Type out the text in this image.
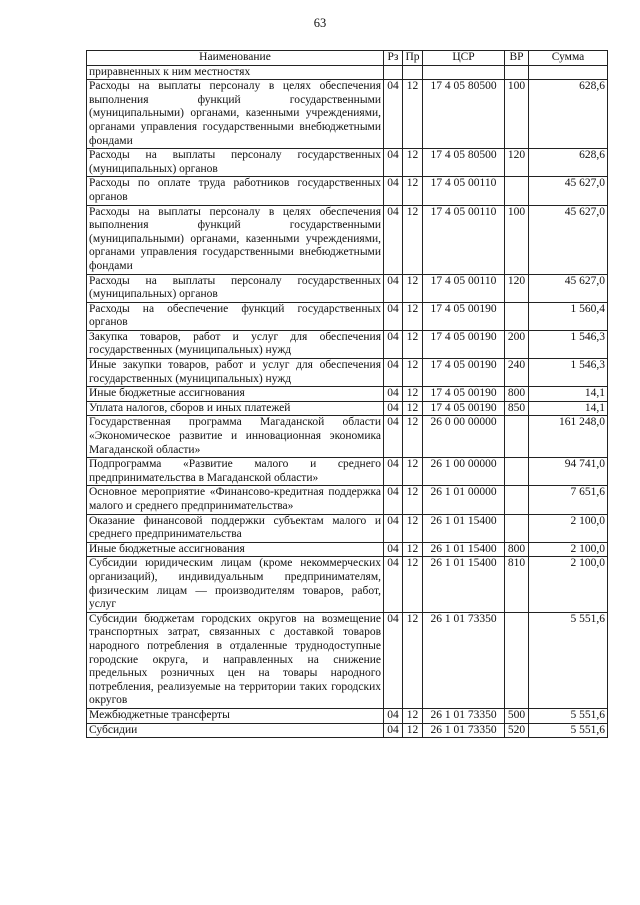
63
Наименование	Рз	Пр	ЦСР	ВР	Сумма
приравненных к ним местностях					
Расходы на выплаты персоналу в целях обеспечения выполнения функций государственными (муниципальными) органами, казенными учреждениями, органами управления государственными внебюджетными фондами	04	12	17 4 05 80500	100	628,6
Расходы на выплаты персоналу государственных (муниципальных) органов	04	12	17 4 05 80500	120	628,6
Расходы по оплате труда работников государственных органов	04	12	17 4 05 00110		45 627,0
Расходы на выплаты персоналу в целях обеспечения выполнения функций государственными (муниципальными) органами, казенными учреждениями, органами управления государственными внебюджетными фондами	04	12	17 4 05 00110	100	45 627,0
Расходы на выплаты персоналу государственных (муниципальных) органов	04	12	17 4 05 00110	120	45 627,0
Расходы на обеспечение функций государственных органов	04	12	17 4 05 00190		1 560,4
Закупка товаров, работ и услуг для обеспечения государственных (муниципальных) нужд	04	12	17 4 05 00190	200	1 546,3
Иные закупки товаров, работ и услуг для обеспечения государственных (муниципальных) нужд	04	12	17 4 05 00190	240	1 546,3
Иные бюджетные ассигнования	04	12	17 4 05 00190	800	14,1
Уплата налогов, сборов и иных платежей	04	12	17 4 05 00190	850	14,1
Государственная программа Магаданской области «Экономическое развитие и инновационная экономика Магаданской области»	04	12	26 0 00 00000		161 248,0
Подпрограмма «Развитие малого и среднего предпринимательства в Магаданской области»	04	12	26 1 00 00000		94 741,0
Основное мероприятие «Финансово-кредитная поддержка малого и среднего предпринимательства»	04	12	26 1 01 00000		7 651,6
Оказание финансовой поддержки субъектам малого и среднего предпринимательства	04	12	26 1 01 15400		2 100,0
Иные бюджетные ассигнования	04	12	26 1 01 15400	800	2 100,0
Субсидии юридическим лицам (кроме некоммерческих организаций), индивидуальным предпринимателям, физическим лицам — производителям товаров, работ, услуг	04	12	26 1 01 15400	810	2 100,0
Субсидии бюджетам городских округов на возмещение транспортных затрат, связанных с доставкой товаров народного потребления в отдаленные труднодоступные городские округа, и направленных на снижение предельных розничных цен на товары народного потребления, реализуемые на территории таких городских округов	04	12	26 1 01 73350		5 551,6
Межбюджетные трансферты	04	12	26 1 01 73350	500	5 551,6
Субсидии	04	12	26 1 01 73350	520	5 551,6
